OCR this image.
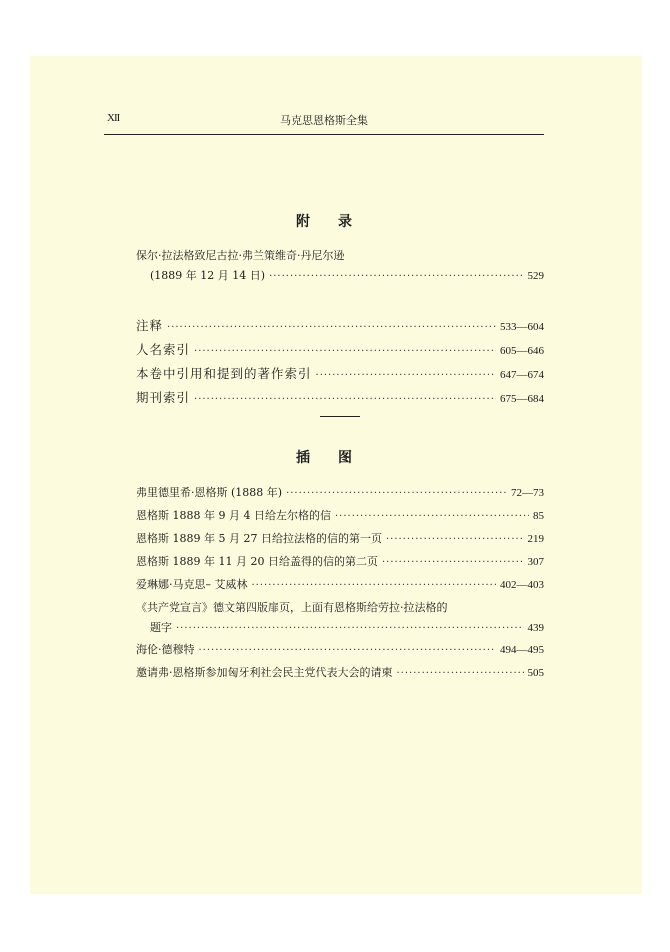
XII	马克思恩格斯全集
附 录
保尔·拉法格致尼古拉·弗兰策维奇·丹尼尔逊
(1889 年 12 月 14 日) ·····	529
注释 ·····	533—604
人名索引 ·····	605—646
本卷中引用和提到的著作索引 ·····	647—674
期刊索引 ·····	675—684
插 图
弗里德里希·恩格斯 (1888 年) ·····	72—73
恩格斯 1888 年 9 月 4 日给左尔格的信 ·····	85
恩格斯 1889 年 5 月 27 日给拉法格的信的第一页 ·····	219
恩格斯 1889 年 11 月 20 日给盖得的信的第二页 ·····	307
爱琳娜·马克思– 艾威林 ·····	402—403
《共产党宣言》德文第四版扉页，上面有恩格斯给劳拉·拉法格的
题字 ·····	439
海伦·德穆特 ·····	494—495
邀请弗·恩格斯参加匈牙利社会民主党代表大会的请柬 ·····	505
